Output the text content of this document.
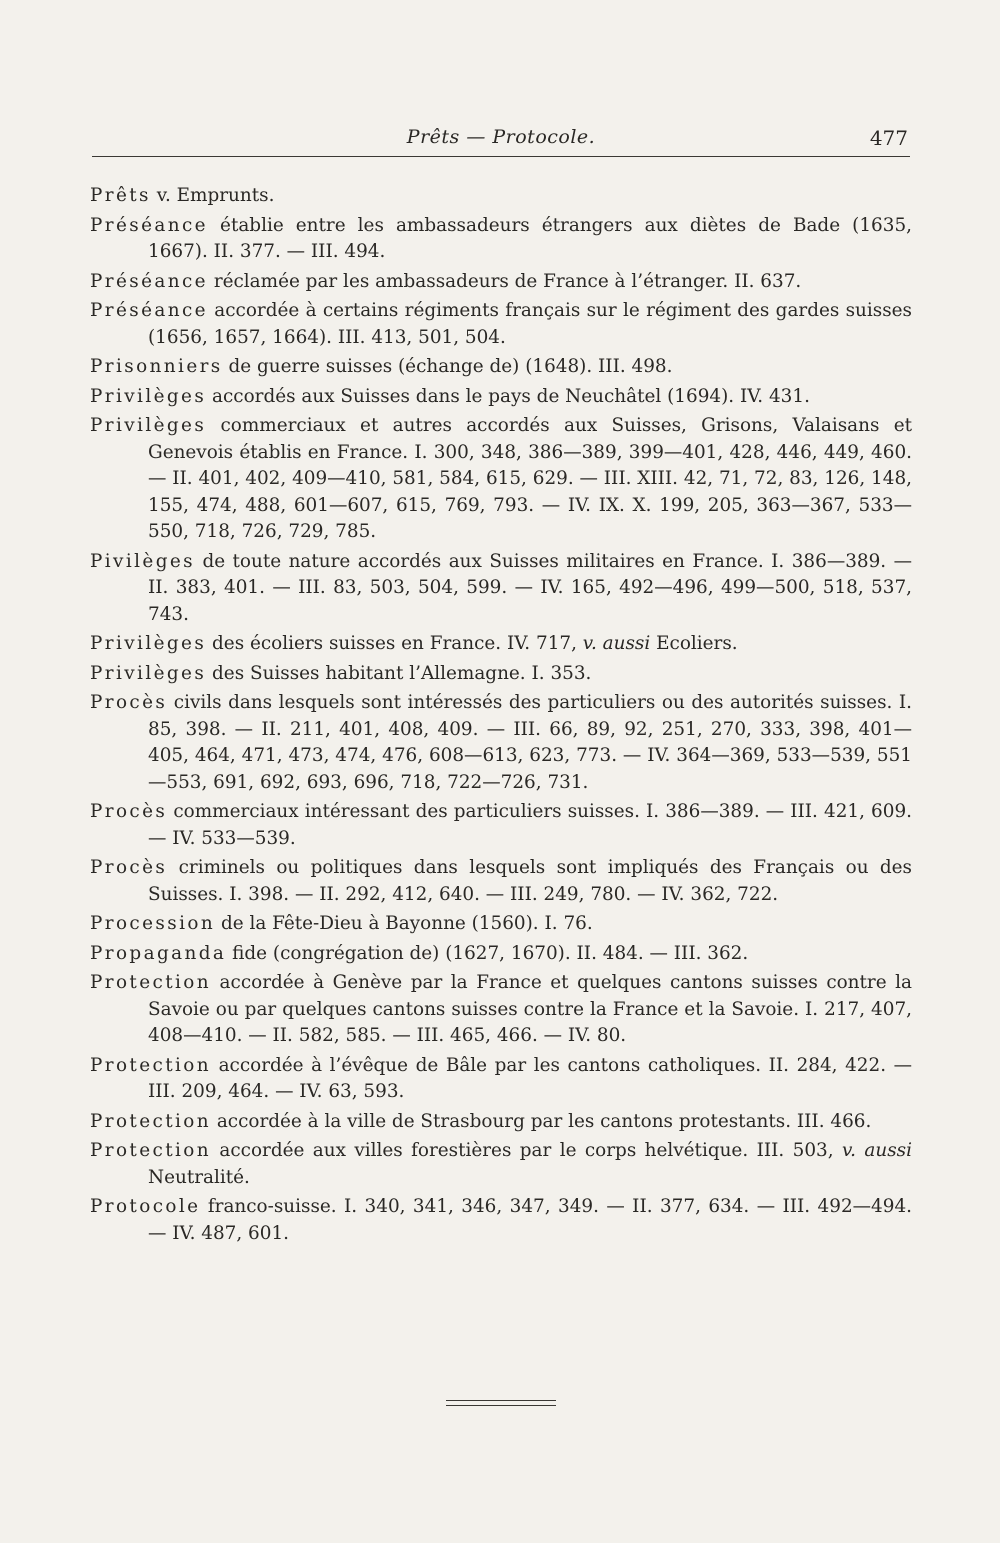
Prêts — Protocole.	477
Prêts v. Emprunts.
Préséance établie entre les ambassadeurs étrangers aux diètes de Bade (1635, 1667). II. 377. — III. 494.
Préséance réclamée par les ambassadeurs de France à l’étranger. II. 637.
Préséance accordée à certains régiments français sur le régiment des gardes suisses (1656, 1657, 1664). III. 413, 501, 504.
Prisonniers de guerre suisses (échange de) (1648). III. 498.
Privilèges accordés aux Suisses dans le pays de Neuchâtel (1694). IV. 431.
Privilèges commerciaux et autres accordés aux Suisses, Grisons, Valaisans et Genevois établis en France. I. 300, 348, 386—389, 399—401, 428, 446, 449, 460. — II. 401, 402, 409—410, 581, 584, 615, 629. — III. XIII. 42, 71, 72, 83, 126, 148, 155, 474, 488, 601—607, 615, 769, 793. — IV. IX. X. 199, 205, 363—367, 533—550, 718, 726, 729, 785.
Pivilèges de toute nature accordés aux Suisses militaires en France. I. 386—389. — II. 383, 401. — III. 83, 503, 504, 599. — IV. 165, 492—496, 499—500, 518, 537, 743.
Privilèges des écoliers suisses en France. IV. 717, v. aussi Ecoliers.
Privilèges des Suisses habitant l’Allemagne. I. 353.
Procès civils dans lesquels sont intéressés des particuliers ou des autorités suisses. I. 85, 398. — II. 211, 401, 408, 409. — III. 66, 89, 92, 251, 270, 333, 398, 401—405, 464, 471, 473, 474, 476, 608—613, 623, 773. — IV. 364—369, 533—539, 551—553, 691, 692, 693, 696, 718, 722—726, 731.
Procès commerciaux intéressant des particuliers suisses. I. 386—389. — III. 421, 609. — IV. 533—539.
Procès criminels ou politiques dans lesquels sont impliqués des Français ou des Suisses. I. 398. — II. 292, 412, 640. — III. 249, 780. — IV. 362, 722.
Procession de la Fête-Dieu à Bayonne (1560). I. 76.
Propaganda fide (congrégation de) (1627, 1670). II. 484. — III. 362.
Protection accordée à Genève par la France et quelques cantons suisses contre la Savoie ou par quelques cantons suisses contre la France et la Savoie. I. 217, 407, 408—410. — II. 582, 585. — III. 465, 466. — IV. 80.
Protection accordée à l’évêque de Bâle par les cantons catholiques. II. 284, 422. — III. 209, 464. — IV. 63, 593.
Protection accordée à la ville de Strasbourg par les cantons protestants. III. 466.
Protection accordée aux villes forestières par le corps helvétique. III. 503, v. aussi Neutralité.
Protocole franco-suisse. I. 340, 341, 346, 347, 349. — II. 377, 634. — III. 492—494. — IV. 487, 601.
